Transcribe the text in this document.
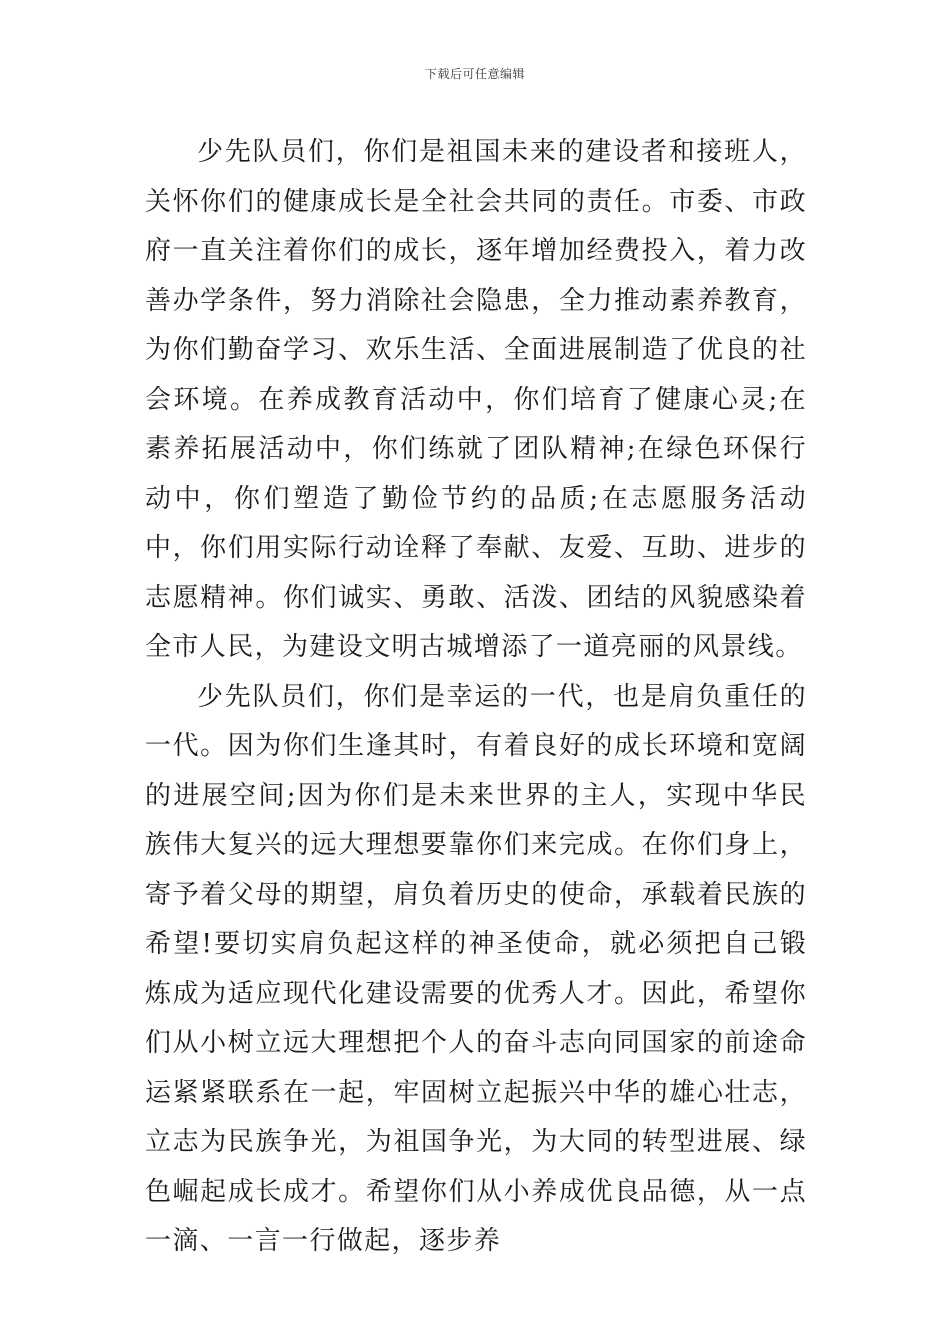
下载后可任意编辑

少先队员们，你们是祖国未来的建设者和接班人，关怀你们的健康成长是全社会共同的责任。市委、市政府一直关注着你们的成长，逐年增加经费投入，着力改善办学条件，努力消除社会隐患，全力推动素养教育，为你们勤奋学习、欢乐生活、全面进展制造了优良的社会环境。在养成教育活动中，你们培育了健康心灵;在素养拓展活动中，你们练就了团队精神;在绿色环保行动中，你们塑造了勤俭节约的品质;在志愿服务活动中，你们用实际行动诠释了奉献、友爱、互助、进步的志愿精神。你们诚实、勇敢、活泼、团结的风貌感染着全市人民，为建设文明古城增添了一道亮丽的风景线。

少先队员们，你们是幸运的一代，也是肩负重任的一代。因为你们生逢其时，有着良好的成长环境和宽阔的进展空间;因为你们是未来世界的主人，实现中华民族伟大复兴的远大理想要靠你们来完成。在你们身上，寄予着父母的期望，肩负着历史的使命，承载着民族的希望!要切实肩负起这样的神圣使命，就必须把自己锻炼成为适应现代化建设需要的优秀人才。因此，希望你们从小树立远大理想把个人的奋斗志向同国家的前途命运紧紧联系在一起，牢固树立起振兴中华的雄心壮志，立志为民族争光，为祖国争光，为大同的转型进展、绿色崛起成长成才。希望你们从小养成优良品德，从一点一滴、一言一行做起，逐步养
